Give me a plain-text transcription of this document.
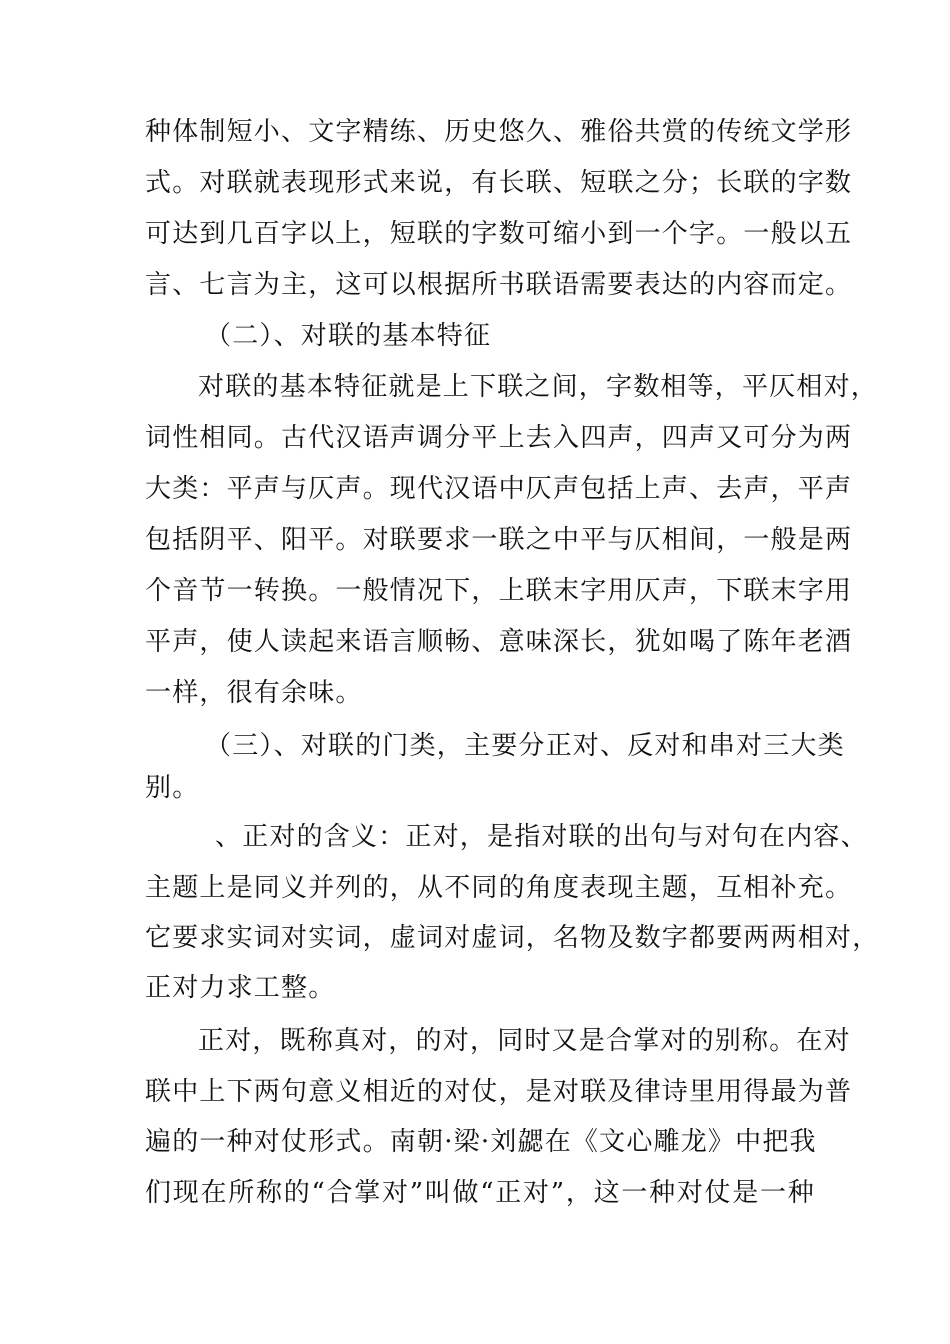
种体制短小、文字精练、历史悠久、雅俗共赏的传统文学形
式。对联就表现形式来说，有长联、短联之分；长联的字数
可达到几百字以上，短联的字数可缩小到一个字。一般以五
言、七言为主，这可以根据所书联语需要表达的内容而定。
（二）、对联的基本特征
对联的基本特征就是上下联之间，字数相等，平仄相对，
词性相同。古代汉语声调分平上去入四声，四声又可分为两
大类：平声与仄声。现代汉语中仄声包括上声、去声，平声
包括阴平、阳平。对联要求一联之中平与仄相间，一般是两
个音节一转换。一般情况下，上联末字用仄声，下联末字用
平声，使人读起来语言顺畅、意味深长，犹如喝了陈年老酒
一样，很有余味。
（三）、对联的门类，主要分正对、反对和串对三大类
别。
、正对的含义：正对，是指对联的出句与对句在内容、
主题上是同义并列的，从不同的角度表现主题，互相补充。
它要求实词对实词，虚词对虚词，名物及数字都要两两相对，
正对力求工整。
正对，既称真对，的对，同时又是合掌对的别称。在对
联中上下两句意义相近的对仗，是对联及律诗里用得最为普
遍的一种对仗形式。南朝·梁·刘勰在《文心雕龙》中把我
们现在所称的“合掌对”叫做“正对”，这一种对仗是一种
